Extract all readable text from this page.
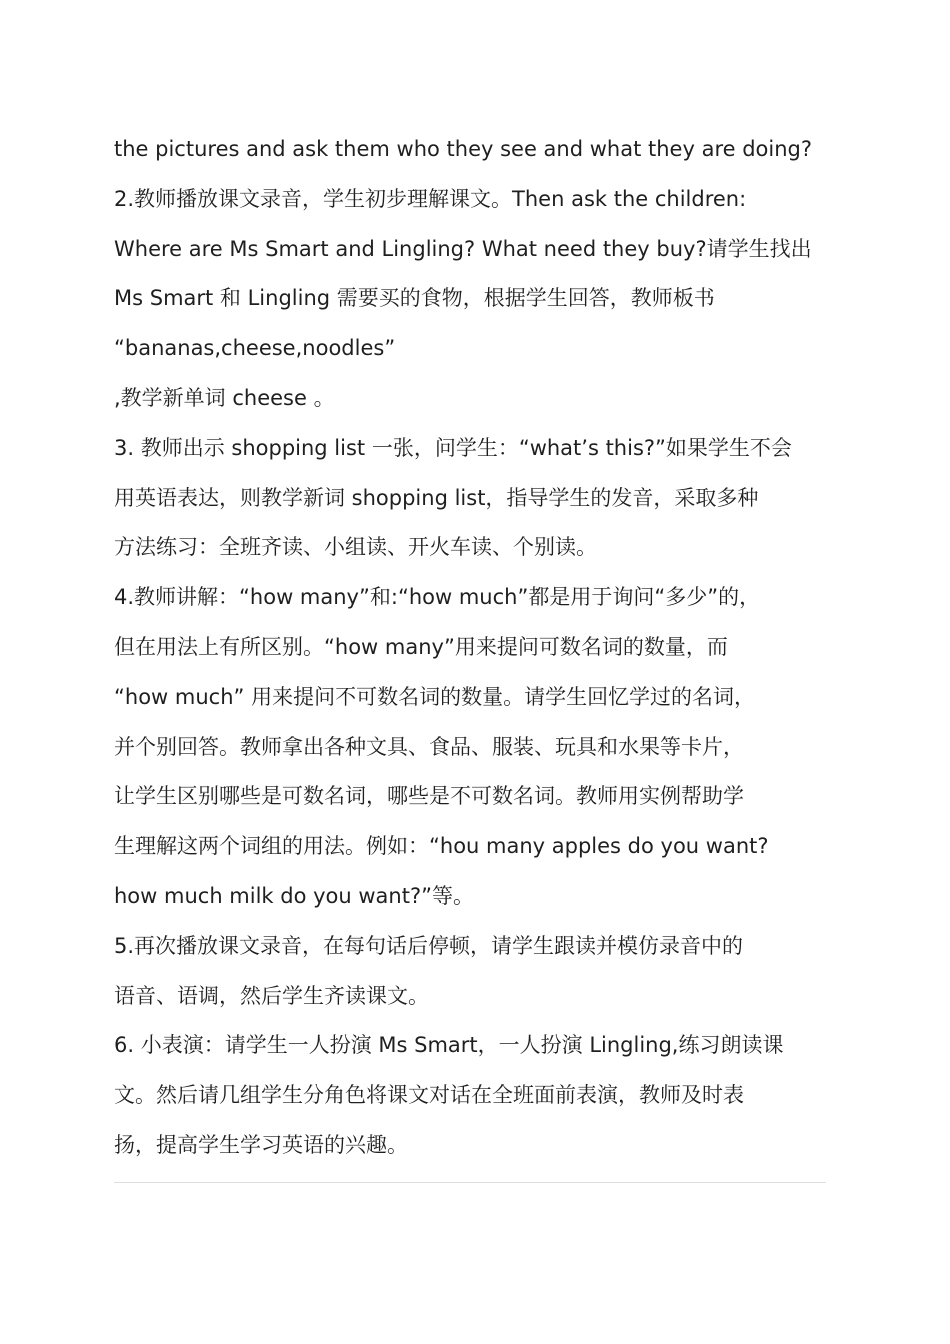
the pictures and ask them who they see and what they are doing?
2.教师播放课文录音，学生初步理解课文。Then ask the children:
Where are Ms Smart and Lingling? What need they buy?请学生找出
Ms Smart 和 Lingling 需要买的食物，根据学生回答，教师板书
“bananas,cheese,noodles”
,教学新单词 cheese 。
3. 教师出示 shopping list 一张，问学生：“what’s this?”如果学生不会
用英语表达，则教学新词 shopping list，指导学生的发音，采取多种
方法练习：全班齐读、小组读、开火车读、个别读。
4.教师讲解：“how many”和:“how much”都是用于询问“多少”的，
但在用法上有所区别。“how many”用来提问可数名词的数量，而
“how much” 用来提问不可数名词的数量。请学生回忆学过的名词，
并个别回答。教师拿出各种文具、食品、服装、玩具和水果等卡片，
让学生区别哪些是可数名词，哪些是不可数名词。教师用实例帮助学
生理解这两个词组的用法。例如：“hou many apples do you want?
how much milk do you want?”等。
5.再次播放课文录音，在每句话后停顿，请学生跟读并模仿录音中的
语音、语调，然后学生齐读课文。
6. 小表演：请学生一人扮演 Ms Smart，一人扮演 Lingling,练习朗读课
文。然后请几组学生分角色将课文对话在全班面前表演，教师及时表
扬，提高学生学习英语的兴趣。
